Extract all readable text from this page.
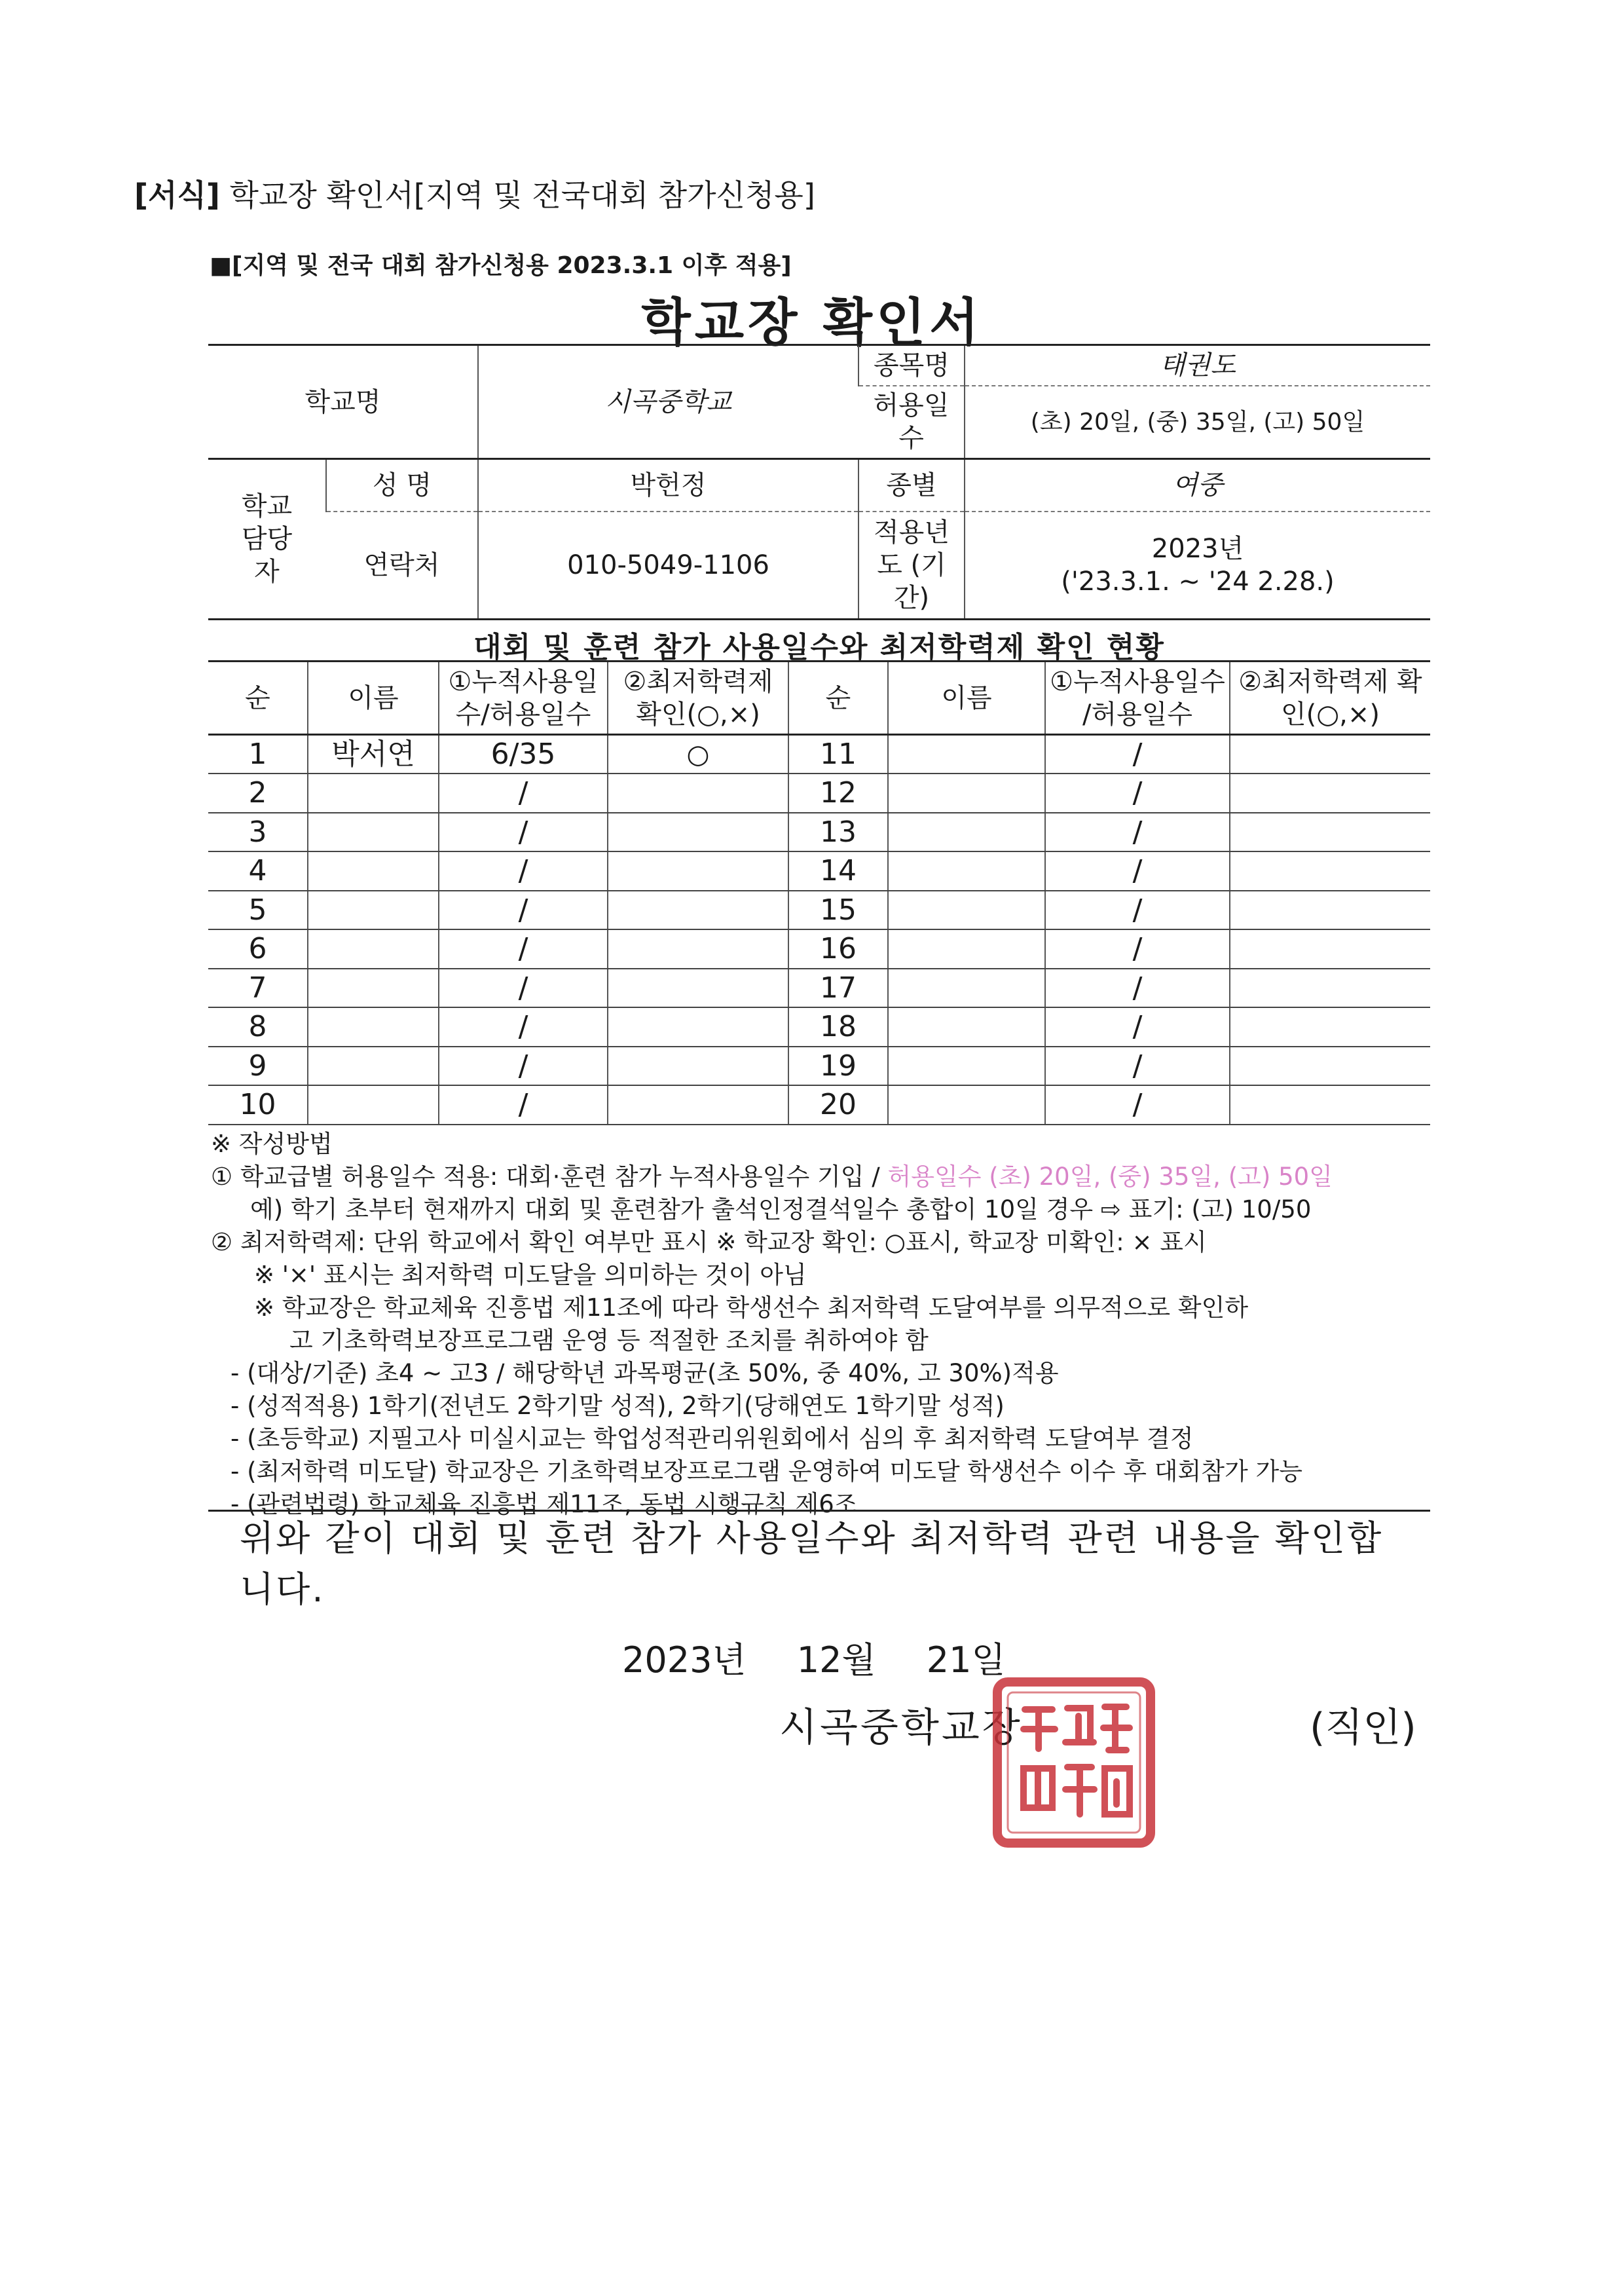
[서식] 학교장 확인서[지역 및 전국대회 참가신청용]
■[지역 및 전국 대회 참가신청용 2023.3.1 이후 적용]
학교장 확인서
학교명		시곡중학교	종목명	태권도
			허용일수	(초) 20일, (중) 35일, (고) 50일
학교 담당자	성 명	박헌정	종별	여중
	연락처	010-5049-1106	적용년도 (기간)	2023년
('23.3.1. ~ '24 2.28.)
대회 및 훈련 참가 사용일수와 최저학력제 확인 현황
순	이름	①누적사용일수/허용일수	②최저학력제 확인(○,×)	순	이름	①누적사용일수 /허용일수	②최저학력제 확인(○,×)
1	박서연	6/35	○	11		/	
2		/		12		/	
3		/		13		/	
4		/		14		/	
5		/		15		/	
6		/		16		/	
7		/		17		/	
8		/		18		/	
9		/		19		/	
10		/		20		/	
※ 작성방법
① 학교급별 허용일수 적용: 대회·훈련 참가 누적사용일수 기입 / 허용일수 (초) 20일, (중) 35일, (고) 50일
예) 학기 초부터 현재까지 대회 및 훈련참가 출석인정결석일수 총합이 10일 경우 ⇨ 표기: (고) 10/50
② 최저학력제: 단위 학교에서 확인 여부만 표시 ※ 학교장 확인: ○표시, 학교장 미확인: × 표시
※ '×' 표시는 최저학력 미도달을 의미하는 것이 아님
※ 학교장은 학교체육 진흥법 제11조에 따라 학생선수 최저학력 도달여부를 의무적으로 확인하
고 기초학력보장프로그램 운영 등 적절한 조치를 취하여야 함
- (대상/기준) 초4 ~ 고3 / 해당학년 과목평균(초 50%, 중 40%, 고 30%)적용
- (성적적용) 1학기(전년도 2학기말 성적), 2학기(당해연도 1학기말 성적)
- (초등학교) 지필고사 미실시교는 학업성적관리위원회에서 심의 후 최저학력 도달여부 결정
- (최저학력 미도달) 학교장은 기초학력보장프로그램 운영하여 미도달 학생선수 이수 후 대회참가 가능
- (관련법령) 학교체육 진흥법 제11조, 동법 시행규칙 제6조
위와 같이 대회 및 훈련 참가 사용일수와 최저학력 관련 내용을 확인합니다.
2023년 12월 21일
시곡중학교장	(직인)
